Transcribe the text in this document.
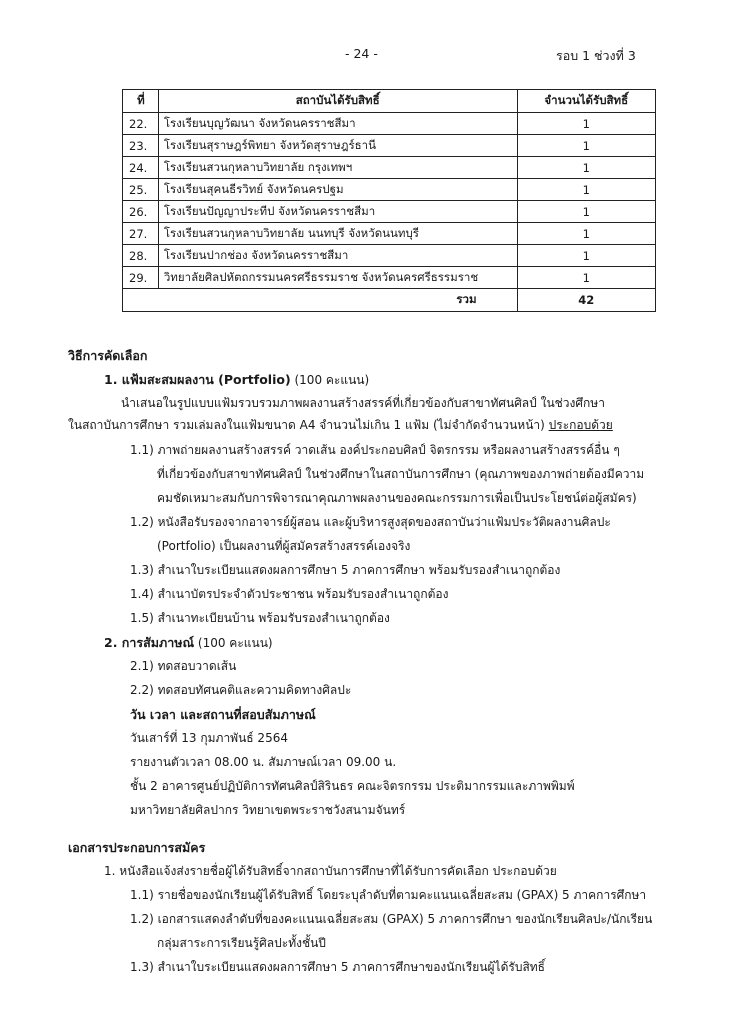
- 24 -	รอบ 1 ช่วงที่ 3
ที่	สถาบันได้รับสิทธิ์	จำนวนได้รับสิทธิ์
22.	โรงเรียนบุญวัฒนา จังหวัดนครราชสีมา	1
23.	โรงเรียนสุราษฎร์พิทยา จังหวัดสุราษฎร์ธานี	1
24.	โรงเรียนสวนกุหลาบวิทยาลัย กรุงเทพฯ	1
25.	โรงเรียนสุคนธีรวิทย์ จังหวัดนครปฐม	1
26.	โรงเรียนปัญญาประทีป จังหวัดนครราชสีมา	1
27.	โรงเรียนสวนกุหลาบวิทยาลัย นนทบุรี จังหวัดนนทบุรี	1
28.	โรงเรียนปากช่อง จังหวัดนครราชสีมา	1
29.	วิทยาลัยศิลปหัตถกรรมนครศรีธรรมราช จังหวัดนครศรีธรรมราช	1
รวม		42
วิธีการคัดเลือก
1. แฟ้มสะสมผลงาน (Portfolio) (100 คะแนน)
นำเสนอในรูปแบบแฟ้มรวบรวมภาพผลงานสร้างสรรค์ที่เกี่ยวข้องกับสาขาทัศนศิลป์ ในช่วงศึกษา
ในสถาบันการศึกษา รวมเล่มลงในแฟ้มขนาด A4 จำนวนไม่เกิน 1 แฟ้ม (ไม่จำกัดจำนวนหน้า) ประกอบด้วย
1.1) ภาพถ่ายผลงานสร้างสรรค์ วาดเส้น องค์ประกอบศิลป์ จิตรกรรม หรือผลงานสร้างสรรค์อื่น ๆ
ที่เกี่ยวข้องกับสาขาทัศนศิลป์ ในช่วงศึกษาในสถาบันการศึกษา (คุณภาพของภาพถ่ายต้องมีความ
คมชัดเหมาะสมกับการพิจารณาคุณภาพผลงานของคณะกรรมการเพื่อเป็นประโยชน์ต่อผู้สมัคร)
1.2) หนังสือรับรองจากอาจารย์ผู้สอน และผู้บริหารสูงสุดของสถาบันว่าแฟ้มประวัติผลงานศิลปะ
(Portfolio) เป็นผลงานที่ผู้สมัครสร้างสรรค์เองจริง
1.3) สำเนาใบระเบียนแสดงผลการศึกษา 5 ภาคการศึกษา พร้อมรับรองสำเนาถูกต้อง
1.4) สำเนาบัตรประจำตัวประชาชน พร้อมรับรองสำเนาถูกต้อง
1.5) สำเนาทะเบียนบ้าน พร้อมรับรองสำเนาถูกต้อง
2. การสัมภาษณ์ (100 คะแนน)
2.1) ทดสอบวาดเส้น
2.2) ทดสอบทัศนคติและความคิดทางศิลปะ
วัน เวลา และสถานที่สอบสัมภาษณ์
วันเสาร์ที่ 13 กุมภาพันธ์ 2564
รายงานตัวเวลา 08.00 น. สัมภาษณ์เวลา 09.00 น.
ชั้น 2 อาคารศูนย์ปฏิบัติการทัศนศิลป์สิรินธร คณะจิตรกรรม ประติมากรรมและภาพพิมพ์
มหาวิทยาลัยศิลปากร วิทยาเขตพระราชวังสนามจันทร์
เอกสารประกอบการสมัคร
1. หนังสือแจ้งส่งรายชื่อผู้ได้รับสิทธิ์จากสถาบันการศึกษาที่ได้รับการคัดเลือก ประกอบด้วย
1.1) รายชื่อของนักเรียนผู้ได้รับสิทธิ์ โดยระบุลำดับที่ตามคะแนนเฉลี่ยสะสม (GPAX) 5 ภาคการศึกษา
1.2) เอกสารแสดงลำดับที่ของคะแนนเฉลี่ยสะสม (GPAX) 5 ภาคการศึกษา ของนักเรียนศิลปะ/นักเรียน
กลุ่มสาระการเรียนรู้ศิลปะทั้งชั้นปี
1.3) สำเนาใบระเบียนแสดงผลการศึกษา 5 ภาคการศึกษาของนักเรียนผู้ได้รับสิทธิ์
